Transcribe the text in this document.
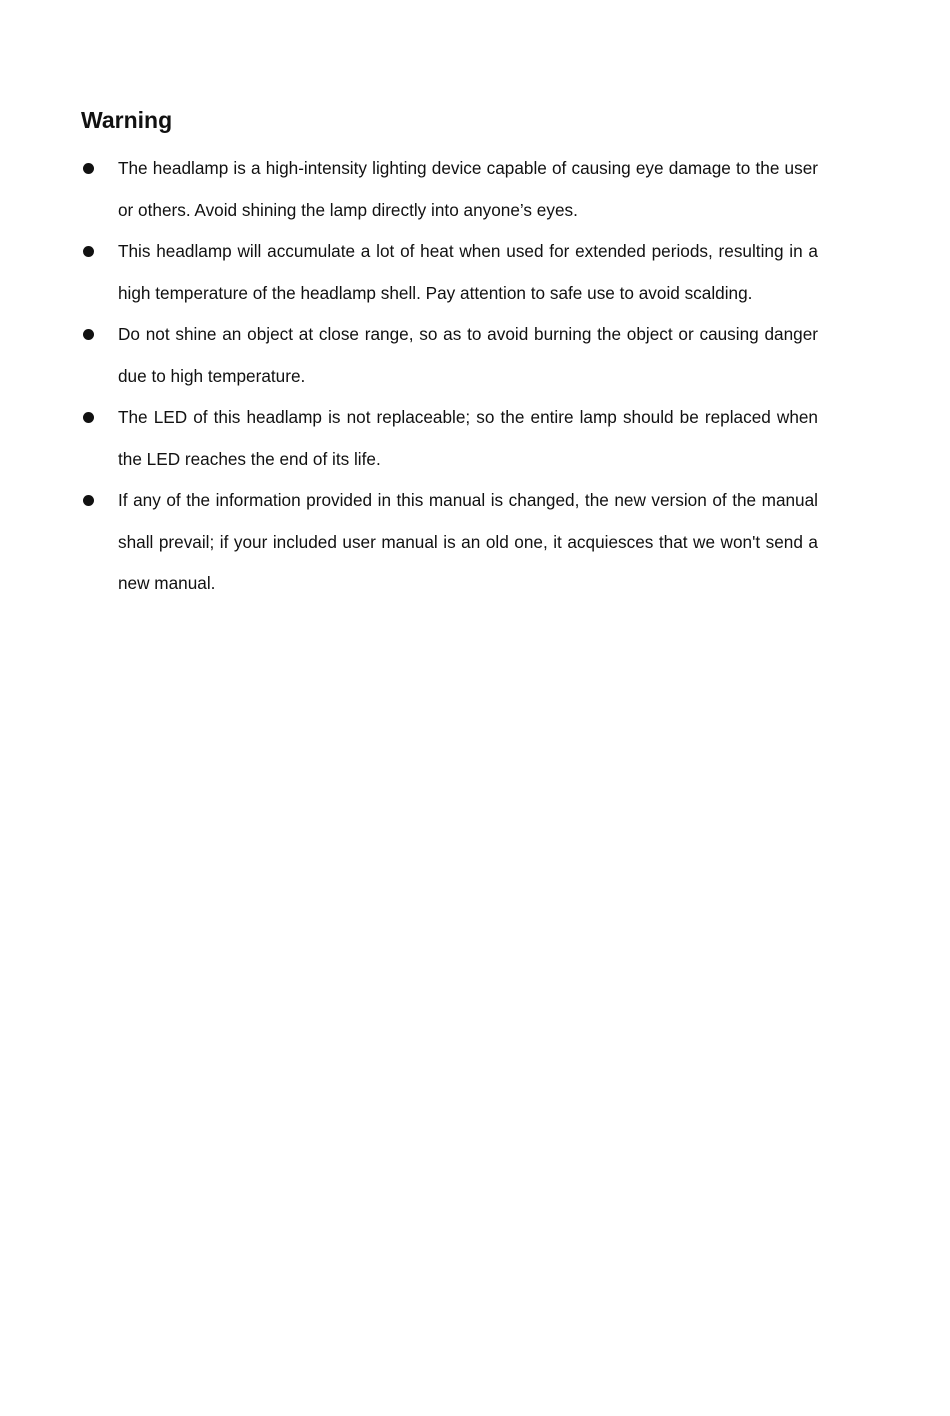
Warning
The headlamp is a high-intensity lighting device capable of causing eye damage to the user or others. Avoid shining the lamp directly into anyone’s eyes.
This headlamp will accumulate a lot of heat when used for extended periods, resulting in a high temperature of the headlamp shell. Pay attention to safe use to avoid scalding.
Do not shine an object at close range, so as to avoid burning the object or causing danger due to high temperature.
The LED of this headlamp is not replaceable; so the entire lamp should be replaced when the LED reaches the end of its life.
If any of the information provided in this manual is changed, the new version of the manual shall prevail; if your included user manual is an old one, it acquiesces that we won't send a new manual.
